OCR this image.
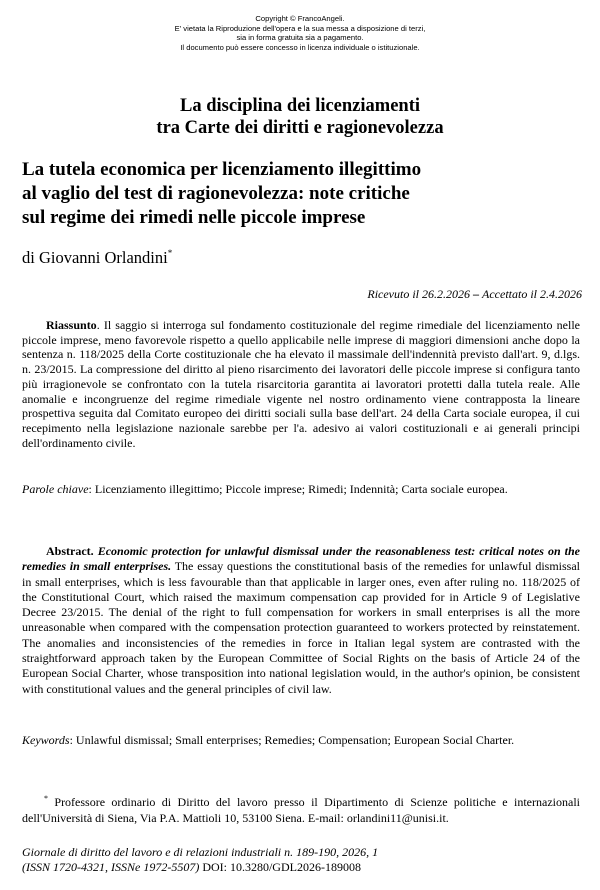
Copyright © FrancoAngeli.
E' vietata la Riproduzione dell'opera e la sua messa a disposizione di terzi,
sia in forma gratuita sia a pagamento.
Il documento può essere concesso in licenza individuale o istituzionale.
La disciplina dei licenziamenti
tra Carte dei diritti e ragionevolezza
La tutela economica per licenziamento illegittimo
al vaglio del test di ragionevolezza: note critiche
sul regime dei rimedi nelle piccole imprese
di Giovanni Orlandini*
Ricevuto il 26.2.2026 – Accettato il 2.4.2026
Riassunto. Il saggio si interroga sul fondamento costituzionale del regime rimediale del licenziamento nelle piccole imprese, meno favorevole rispetto a quello applicabile nelle imprese di maggiori dimensioni anche dopo la sentenza n. 118/2025 della Corte costituzionale che ha elevato il massimale dell'indennità previsto dall'art. 9, d.lgs. n. 23/2015. La compressione del diritto al pieno risarcimento dei lavoratori delle piccole imprese si configura tanto più irragionevole se confrontato con la tutela risarcitoria garantita ai lavoratori protetti dalla tutela reale. Alle anomalie e incongruenze del regime rimediale vigente nel nostro ordinamento viene contrapposta la lineare prospettiva seguita dal Comitato europeo dei diritti sociali sulla base dell'art. 24 della Carta sociale europea, il cui recepimento nella legislazione nazionale sarebbe per l'a. adesivo ai valori costituzionali e ai generali principi dell'ordinamento civile.
Parole chiave: Licenziamento illegittimo; Piccole imprese; Rimedi; Indennità; Carta sociale europea.
Abstract. Economic protection for unlawful dismissal under the reasonableness test: critical notes on the remedies in small enterprises. The essay questions the constitutional basis of the remedies for unlawful dismissal in small enterprises, which is less favourable than that applicable in larger ones, even after ruling no. 118/2025 of the Constitutional Court, which raised the maximum compensation cap provided for in Article 9 of Legislative Decree 23/2015. The denial of the right to full compensation for workers in small enterprises is all the more unreasonable when compared with the compensation protection guaranteed to workers protected by reinstatement. The anomalies and inconsistencies of the remedies in force in Italian legal system are contrasted with the straightforward approach taken by the European Committee of Social Rights on the basis of Article 24 of the European Social Charter, whose transposition into national legislation would, in the author's opinion, be consistent with constitutional values and the general principles of civil law.
Keywords: Unlawful dismissal; Small enterprises; Remedies; Compensation; European Social Charter.
* Professore ordinario di Diritto del lavoro presso il Dipartimento di Scienze politiche e internazionali dell'Università di Siena, Via P.A. Mattioli 10, 53100 Siena. E-mail: orlandini11@unisi.it.
Giornale di diritto del lavoro e di relazioni industriali n. 189-190, 2026, 1
(ISSN 1720-4321, ISSNe 1972-5507) DOI: 10.3280/GDL2026-189008
